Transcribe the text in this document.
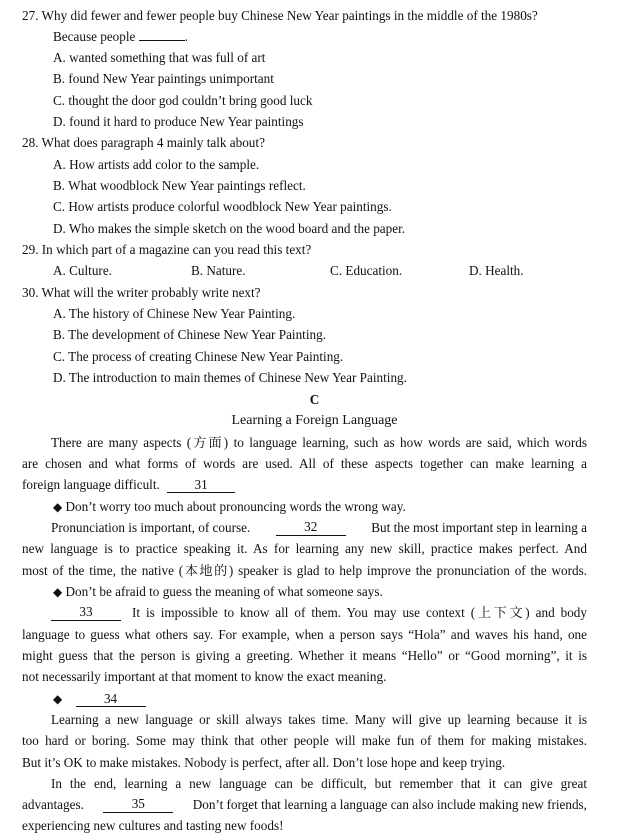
27. Why did fewer and fewer people buy Chinese New Year paintings in the middle of the 1980s?
Because people	.
A. wanted something that was full of art
B. found New Year paintings unimportant
C. thought the door god couldn’t bring good luck
D. found it hard to produce New Year paintings
28. What does paragraph 4 mainly talk about?
A. How artists add color to the sample.
B. What woodblock New Year paintings reflect.
C. How artists produce colorful woodblock New Year paintings.
D. Who makes the simple sketch on the wood board and the paper.
29. In which part of a magazine can you read this text?
A. Culture.	B. Nature.	C. Education.	D. Health.
30. What will the writer probably write next?
A. The history of Chinese New Year Painting.
B. The development of Chinese New Year Painting.
C. The process of creating Chinese New Year Painting.
D. The introduction to main themes of Chinese New Year Painting.
C
Learning a Foreign Language
There are many aspects (方面) to language learning, such as how words are said, which words
are chosen and what forms of words are used. All of these aspects together can make learning a
foreign language difficult.	31
◆ Don’t worry too much about pronouncing words the wrong way.
Pronunciation is important, of course.	32	But the most important step in learning a
new language is to practice speaking it. As for learning any new skill, practice makes perfect. And
most of the time, the native (本地的) speaker is glad to help improve the pronunciation of the words.
◆ Don’t be afraid to guess the meaning of what someone says.
33	It is impossible to know all of them. You may use context (上下文) and body
language to guess what others say. For example, when a person says “Hola” and waves his hand, one
might guess that the person is giving a greeting. Whether it means “Hello” or “Good morning”, it is
not necessarily important at that moment to know the exact meaning.
◆	34
Learning a new language or skill always takes time. Many will give up learning because it is
too hard or boring. Some may think that other people will make fun of them for making mistakes.
But it’s OK to make mistakes. Nobody is perfect, after all. Don’t lose hope and keep trying.
In the end, learning a new language can be difficult, but remember that it can give great
advantages.	35	Don’t forget that learning a language can also include making new friends,
experiencing new cultures and tasting new foods!
